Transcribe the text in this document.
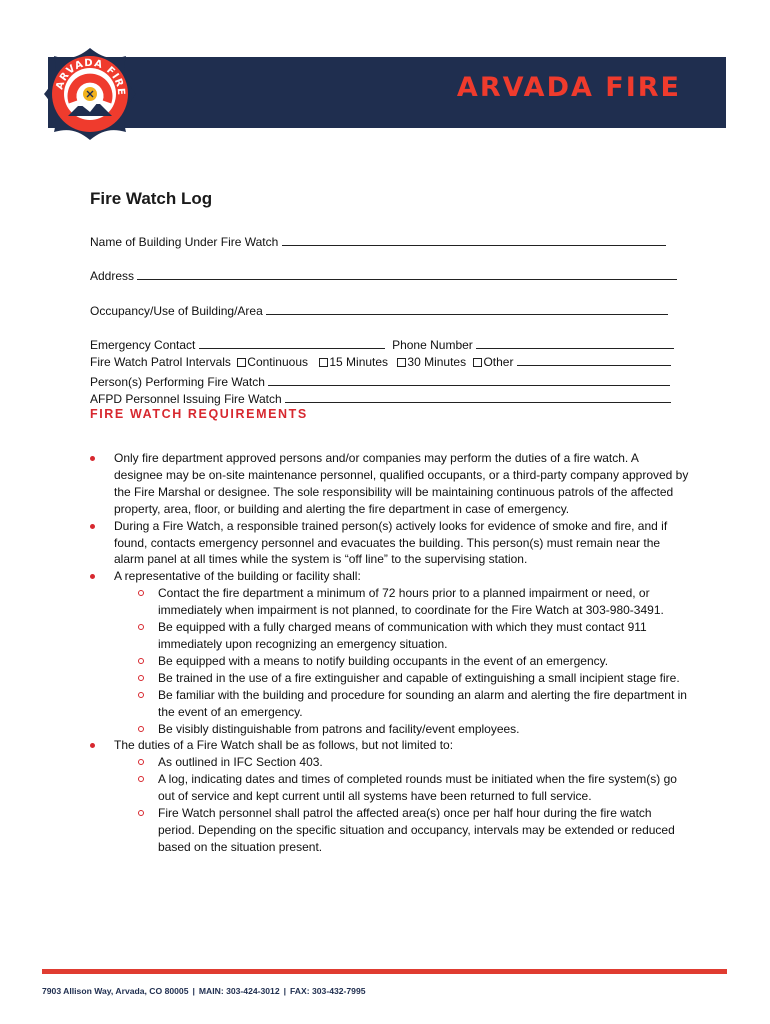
ARVADA FIRE
ARVADA FIRE
Fire Watch Log
Name of Building Under Fire Watch
Address
Occupancy/Use of Building/Area
Emergency Contact	Phone Number
Fire Watch Patrol Intervals Continuous 15 Minutes 30 Minutes Other
Person(s) Performing Fire Watch
AFPD Personnel Issuing Fire Watch
FIRE WATCH REQUIREMENTS

Only fire department approved persons and/or companies may perform the duties of a fire watch. A designee may be on-site maintenance personnel, qualified occupants, or a third-party company approved by the Fire Marshal or designee. The sole responsibility will be maintaining continuous patrols of the affected property, area, floor, or building and alerting the fire department in case of emergency.

During a Fire Watch, a responsible trained person(s) actively looks for evidence of smoke and fire, and if found, contacts emergency personnel and evacuates the building. This person(s) must remain near the alarm panel at all times while the system is “off line” to the supervising station.

A representative of the building or facility shall:

Contact the fire department a minimum of 72 hours prior to a planned impairment or need, or immediately when impairment is not planned, to coordinate for the Fire Watch at 303-980-3491.

Be equipped with a fully charged means of communication with which they must contact 911 immediately upon recognizing an emergency situation.

Be equipped with a means to notify building occupants in the event of an emergency.

Be trained in the use of a fire extinguisher and capable of extinguishing a small incipient stage fire.

Be familiar with the building and procedure for sounding an alarm and alerting the fire department in the event of an emergency.

Be visibly distinguishable from patrons and facility/event employees.

The duties of a Fire Watch shall be as follows, but not limited to:

As outlined in IFC Section 403.

A log, indicating dates and times of completed rounds must be initiated when the fire system(s) go out of service and kept current until all systems have been returned to full service.

Fire Watch personnel shall patrol the affected area(s) once per half hour during the fire watch period. Depending on the specific situation and occupancy, intervals may be extended or reduced based on the situation present.

7903 Allison Way, Arvada, CO 80005 | MAIN: 303-424-3012 | FAX: 303-432-7995
